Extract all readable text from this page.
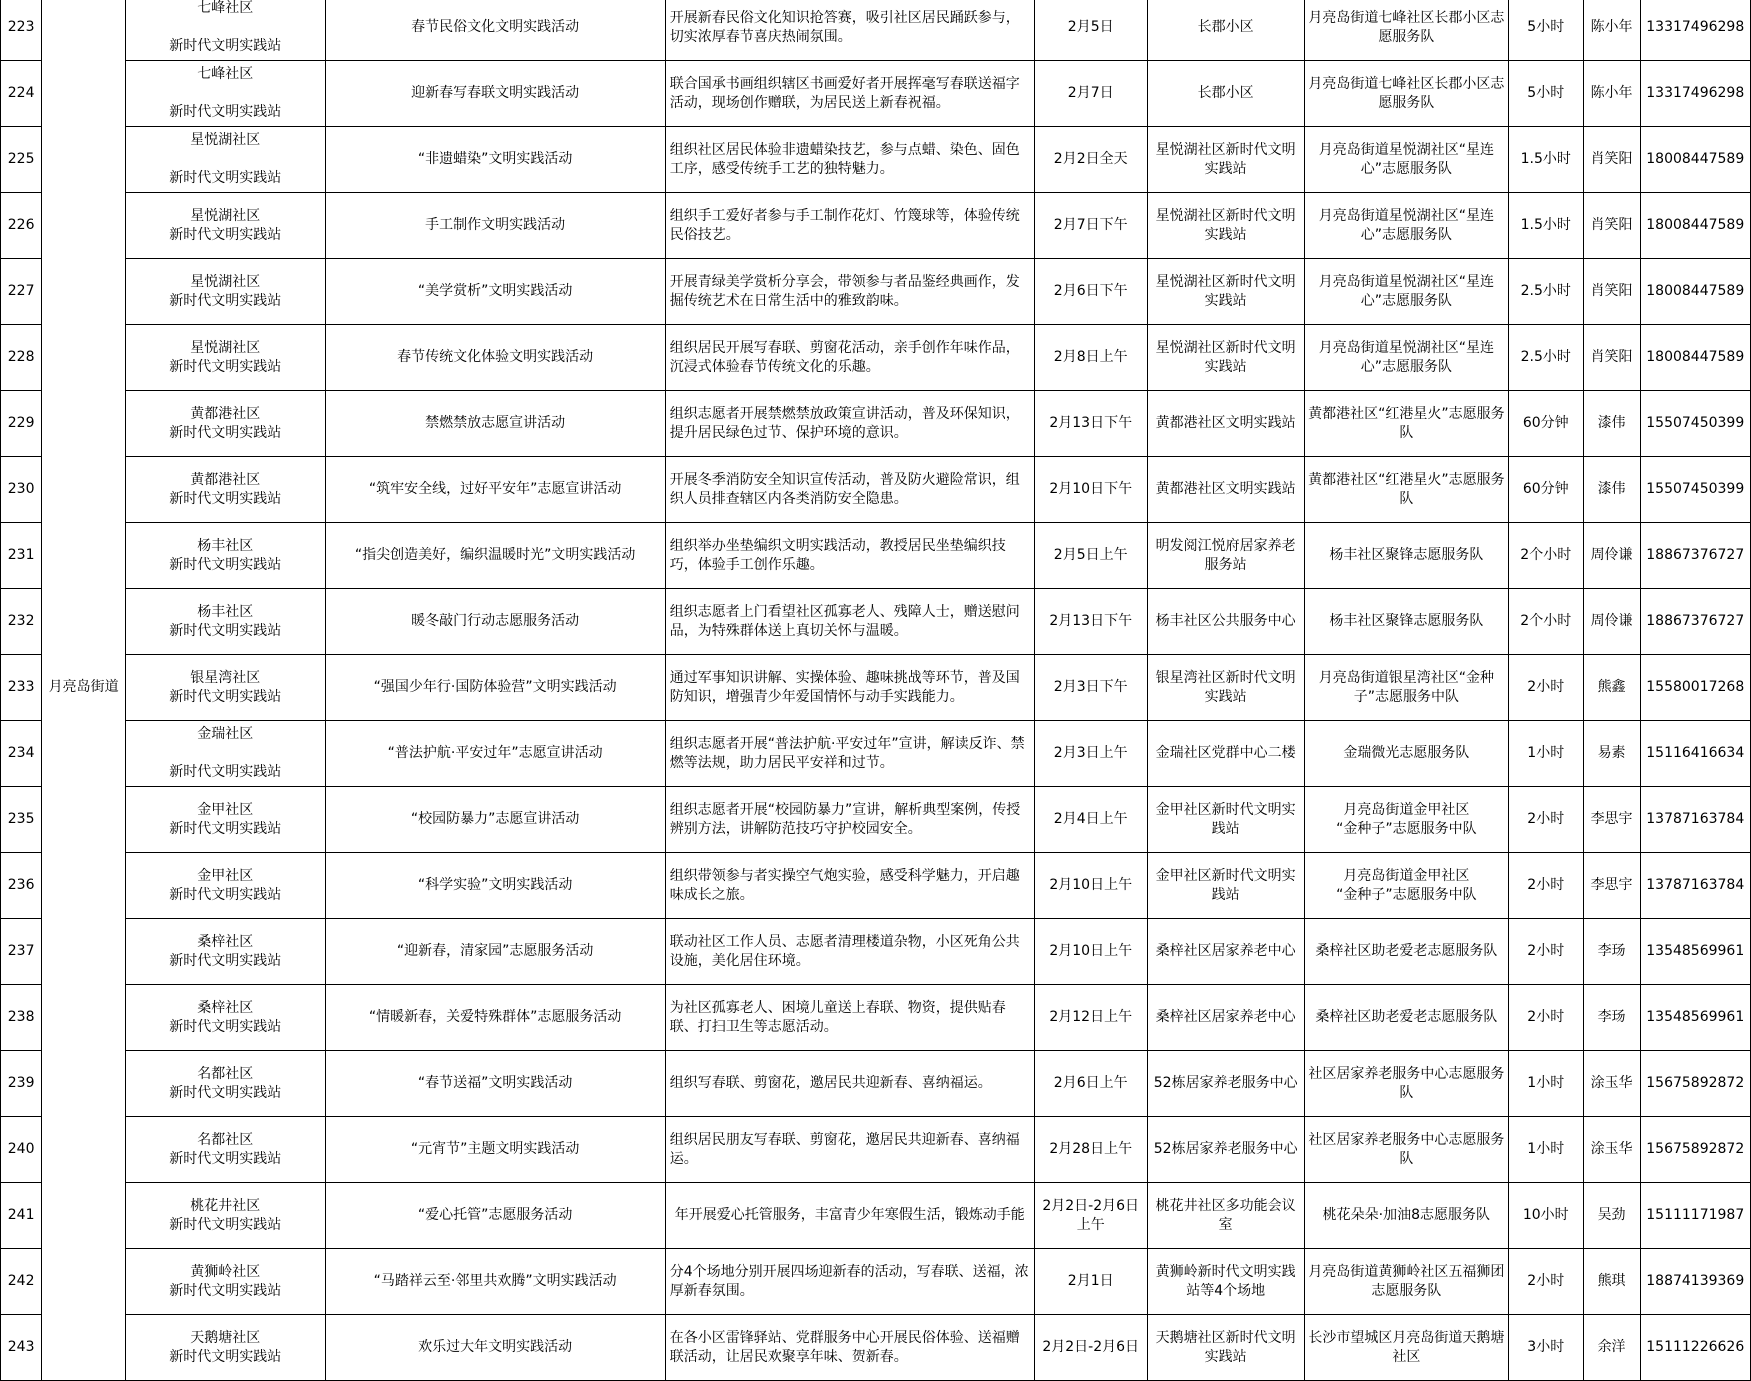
223	月亮岛街道	七峰社区

新时代文明实践站	春节民俗文化文明实践活动	开展新春民俗文化知识抢答赛，吸引社区居民踊跃参与，切实浓厚春节喜庆热闹氛围。	2月5日	长郡小区	月亮岛街道七峰社区长郡小区志愿服务队	5小时	陈小年	13317496298
224		七峰社区

新时代文明实践站	迎新春写春联文明实践活动	联合国承书画组织辖区书画爱好者开展挥毫写春联送福字活动，现场创作赠联，为居民送上新春祝福。	2月7日	长郡小区	月亮岛街道七峰社区长郡小区志愿服务队	5小时	陈小年	13317496298
225		星悦湖社区

新时代文明实践站	“非遗蜡染”文明实践活动	组织社区居民体验非遗蜡染技艺，参与点蜡、染色、固色工序，感受传统手工艺的独特魅力。	2月2日全天	星悦湖社区新时代文明实践站	月亮岛街道星悦湖社区“星连心”志愿服务队	1.5小时	肖笑阳	18008447589
226		星悦湖社区
新时代文明实践站	手工制作文明实践活动	组织手工爱好者参与手工制作花灯、竹篾球等，体验传统民俗技艺。	2月7日下午	星悦湖社区新时代文明实践站	月亮岛街道星悦湖社区“星连心”志愿服务队	1.5小时	肖笑阳	18008447589
227		星悦湖社区
新时代文明实践站	“美学赏析”文明实践活动	开展青绿美学赏析分享会，带领参与者品鉴经典画作，发掘传统艺术在日常生活中的雅致韵味。	2月6日下午	星悦湖社区新时代文明实践站	月亮岛街道星悦湖社区“星连心”志愿服务队	2.5小时	肖笑阳	18008447589
228		星悦湖社区
新时代文明实践站	春节传统文化体验文明实践活动	组织居民开展写春联、剪窗花活动，亲手创作年味作品，沉浸式体验春节传统文化的乐趣。	2月8日上午	星悦湖社区新时代文明实践站	月亮岛街道星悦湖社区“星连心”志愿服务队	2.5小时	肖笑阳	18008447589
229		黄都港社区
新时代文明实践站	禁燃禁放志愿宣讲活动	组织志愿者开展禁燃禁放政策宣讲活动，普及环保知识，提升居民绿色过节、保护环境的意识。	2月13日下午	黄都港社区文明实践站	黄都港社区“红港星火”志愿服务队	60分钟	漆伟	15507450399
230		黄都港社区
新时代文明实践站	“筑牢安全线，过好平安年”志愿宣讲活动	开展冬季消防安全知识宣传活动，普及防火避险常识，组织人员排查辖区内各类消防安全隐患。	2月10日下午	黄都港社区文明实践站	黄都港社区“红港星火”志愿服务队	60分钟	漆伟	15507450399
231		杨丰社区
新时代文明实践站	“指尖创造美好，编织温暖时光”文明实践活动	组织举办坐垫编织文明实践活动，教授居民坐垫编织技巧，体验手工创作乐趣。	2月5日上午	明发阅江悦府居家养老服务站	杨丰社区聚锋志愿服务队	2个小时	周伶谦	18867376727
232		杨丰社区
新时代文明实践站	暖冬敲门行动志愿服务活动	组织志愿者上门看望社区孤寡老人、残障人士，赠送慰问品，为特殊群体送上真切关怀与温暖。	2月13日下午	杨丰社区公共服务中心	杨丰社区聚锋志愿服务队	2个小时	周伶谦	18867376727
233		银星湾社区
新时代文明实践站	“强国少年行·国防体验营”文明实践活动	通过军事知识讲解、实操体验、趣味挑战等环节，普及国防知识，增强青少年爱国情怀与动手实践能力。	2月3日下午	银星湾社区新时代文明实践站	月亮岛街道银星湾社区“金种子”志愿服务中队	2小时	熊鑫	15580017268
234		金瑞社区

新时代文明实践站	“普法护航·平安过年”志愿宣讲活动	组织志愿者开展“普法护航·平安过年”宣讲，解读反诈、禁燃等法规，助力居民平安祥和过节。	2月3日上午	金瑞社区党群中心二楼	金瑞微光志愿服务队	1小时	易素	15116416634
235		金甲社区
新时代文明实践站	“校园防暴力”志愿宣讲活动	组织志愿者开展“校园防暴力”宣讲，解析典型案例，传授辨别方法，讲解防范技巧守护校园安全。	2月4日上午	金甲社区新时代文明实践站	月亮岛街道金甲社区
“金种子”志愿服务中队	2小时	李思宇	13787163784
236		金甲社区
新时代文明实践站	“科学实验”文明实践活动	组织带领参与者实操空气炮实验，感受科学魅力，开启趣味成长之旅。	2月10日上午	金甲社区新时代文明实践站	月亮岛街道金甲社区
“金种子”志愿服务中队	2小时	李思宇	13787163784
237		桑梓社区
新时代文明实践站	“迎新春，清家园”志愿服务活动	联动社区工作人员、志愿者清理楼道杂物，小区死角公共设施，美化居住环境。	2月10日上午	桑梓社区居家养老中心	桑梓社区助老爱老志愿服务队	2小时	李玚	13548569961
238		桑梓社区
新时代文明实践站	“情暖新春，关爱特殊群体”志愿服务活动	为社区孤寡老人、困境儿童送上春联、物资，提供贴春联、打扫卫生等志愿活动。	2月12日上午	桑梓社区居家养老中心	桑梓社区助老爱老志愿服务队	2小时	李玚	13548569961
239		名都社区
新时代文明实践站	“春节送福”文明实践活动	组织写春联、剪窗花，邀居民共迎新春、喜纳福运。	2月6日上午	52栋居家养老服务中心	社区居家养老服务中心志愿服务队	1小时	涂玉华	15675892872
240		名都社区
新时代文明实践站	“元宵节”主题文明实践活动	组织居民朋友写春联、剪窗花，邀居民共迎新春、喜纳福运。	2月28日上午	52栋居家养老服务中心	社区居家养老服务中心志愿服务队	1小时	涂玉华	15675892872
241		桃花井社区
新时代文明实践站	“爱心托管”志愿服务活动	年开展爱心托管服务，丰富青少年寒假生活，锻炼动手能	2月2日-2月6日上午	桃花井社区多功能会议室	桃花朵朵·加油8志愿服务队	10小时	吴劲	15111171987
242		黄狮岭社区
新时代文明实践站	“马踏祥云至·邻里共欢腾”文明实践活动	分4个场地分别开展四场迎新春的活动，写春联、送福，浓厚新春氛围。	2月1日	黄狮岭新时代文明实践站等4个场地	月亮岛街道黄狮岭社区五福狮团志愿服务队	2小时	熊琪	18874139369
243		天鹅塘社区
新时代文明实践站	欢乐过大年文明实践活动	在各小区雷锋驿站、党群服务中心开展民俗体验、送福赠联活动，让居民欢聚享年味、贺新春。	2月2日-2月6日	天鹅塘社区新时代文明实践站	长沙市望城区月亮岛街道天鹅塘社区	3小时	余洋	15111226626
